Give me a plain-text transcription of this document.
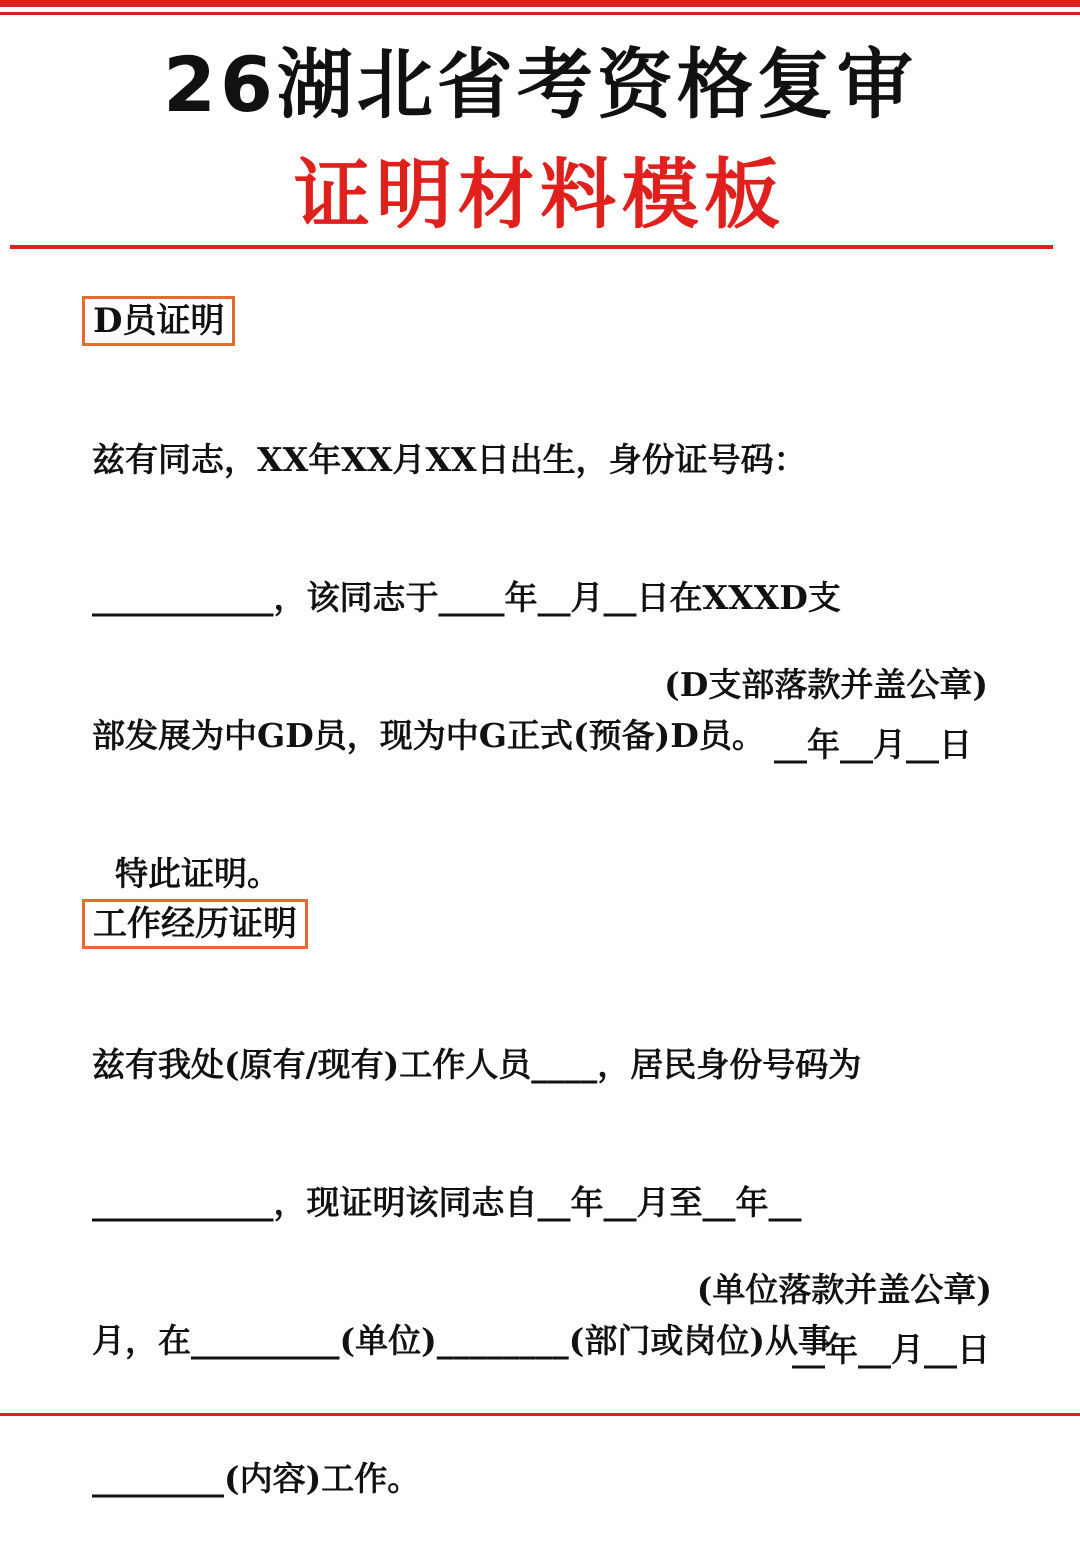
26湖北省考资格复审
证明材料模板
D员证明

兹有同志，XX年XX月XX日出生，身份证号码：

___________，该同志于____年__月__日在XXXD支

部发展为中GD员，现为中G正式(预备)D员。

特此证明。

(D支部落款并盖公章)
__年__月__日
工作经历证明

兹有我处(原有/现有)工作人员____，居民身份号码为

___________，现证明该同志自__年__月至__年__

月，在_________(单位)________(部门或岗位)从事

________(内容)工作。

(单位落款并盖公章)
__年__月__日
